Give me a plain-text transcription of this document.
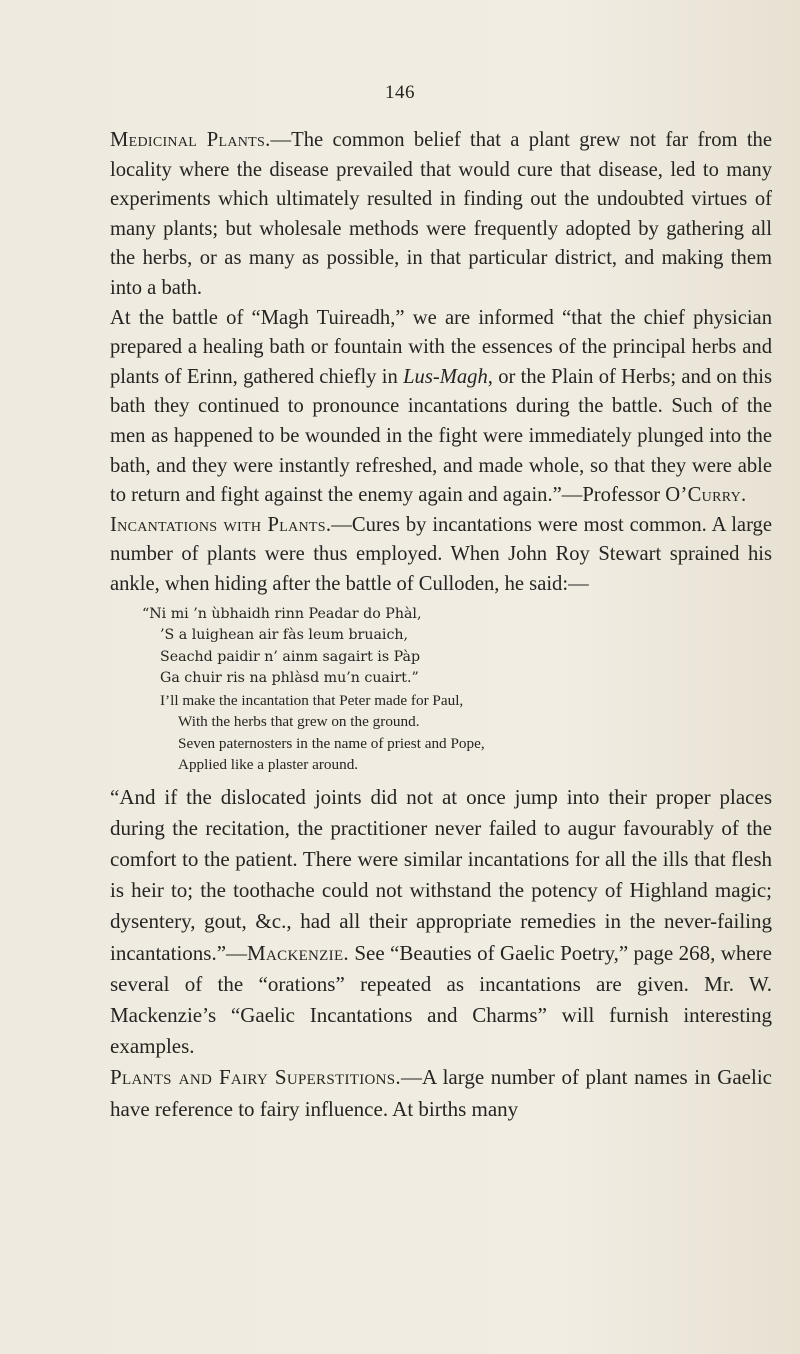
146

Medicinal Plants.—The common belief that a plant grew not far from the locality where the disease prevailed that would cure that disease, led to many experiments which ultimately resulted in finding out the undoubted virtues of many plants; but wholesale methods were frequently adopted by gathering all the herbs, or as many as possible, in that particular district, and making them into a bath.

At the battle of “Magh Tuireadh,” we are informed “that the chief physician prepared a healing bath or fountain with the essences of the principal herbs and plants of Erinn, gathered chiefly in Lus-Magh, or the Plain of Herbs; and on this bath they continued to pronounce incantations during the battle. Such of the men as happened to be wounded in the fight were immediately plunged into the bath, and they were instantly refreshed, and made whole, so that they were able to return and fight against the enemy again and again.”—Professor O’Curry.

Incantations with Plants.—Cures by incantations were most common. A large number of plants were thus employed. When John Roy Stewart sprained his ankle, when hiding after the battle of Culloden, he said:—

“Ni mi ’n ùbhaidh rinn Peadar do Phàl,
’S a luighean air fàs leum bruaich,
Seachd paidir n’ ainm sagairt is Pàp
Ga chuir ris na phlàsd mu’n cuairt.”
I’ll make the incantation that Peter made for Paul,
With the herbs that grew on the ground.
Seven paternosters in the name of priest and Pope,
Applied like a plaster around.

“And if the dislocated joints did not at once jump into their proper places during the recitation, the practitioner never failed to augur favourably of the comfort to the patient. There were similar incantations for all the ills that flesh is heir to; the toothache could not withstand the potency of Highland magic; dysentery, gout, &c., had all their appropriate remedies in the never-failing incantations.”—Mackenzie. See “Beauties of Gaelic Poetry,” page 268, where several of the “orations” repeated as incantations are given. Mr. W. Mackenzie’s “Gaelic Incantations and Charms” will furnish interesting examples.

Plants and Fairy Superstitions.—A large number of plant names in Gaelic have reference to fairy influence. At births many
